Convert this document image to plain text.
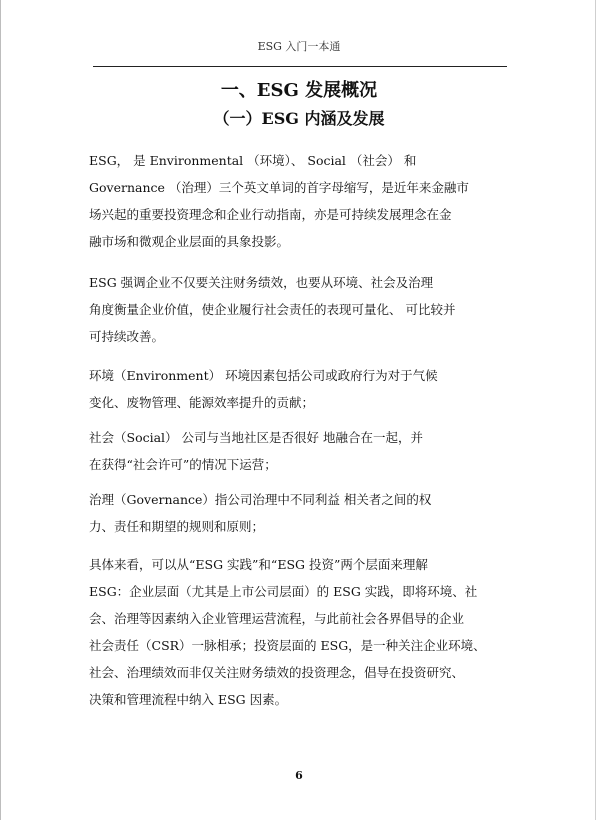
ESG 入门一本通
一、ESG 发展概况
（一）ESG 内涵及发展
ESG， 是 Environmental （环境）、 Social （社会） 和
Governance （治理）三个英文单词的首字母缩写，是近年来金融市
场兴起的重要投资理念和企业行动指南，亦是可持续发展理念在金
融市场和微观企业层面的具象投影。
ESG 强调企业不仅要关注财务绩效，也要从环境、社会及治理
角度衡量企业价值，使企业履行社会责任的表现可量化、 可比较并
可持续改善。
环境（Environment） 环境因素包括公司或政府行为对于气候
变化、废物管理、能源效率提升的贡献；
社会（Social） 公司与当地社区是否很好 地融合在一起，并
在获得“社会许可”的情况下运营；
治理（Governance）指公司治理中不同利益 相关者之间的权
力、责任和期望的规则和原则；
具体来看，可以从“ESG 实践”和“ESG 投资”两个层面来理解
ESG：企业层面（尤其是上市公司层面）的 ESG 实践，即将环境、社
会、治理等因素纳入企业管理运营流程，与此前社会各界倡导的企业
社会责任（CSR）一脉相承；投资层面的 ESG，是一种关注企业环境、
社会、治理绩效而非仅关注财务绩效的投资理念，倡导在投资研究、
决策和管理流程中纳入 ESG 因素。
6
